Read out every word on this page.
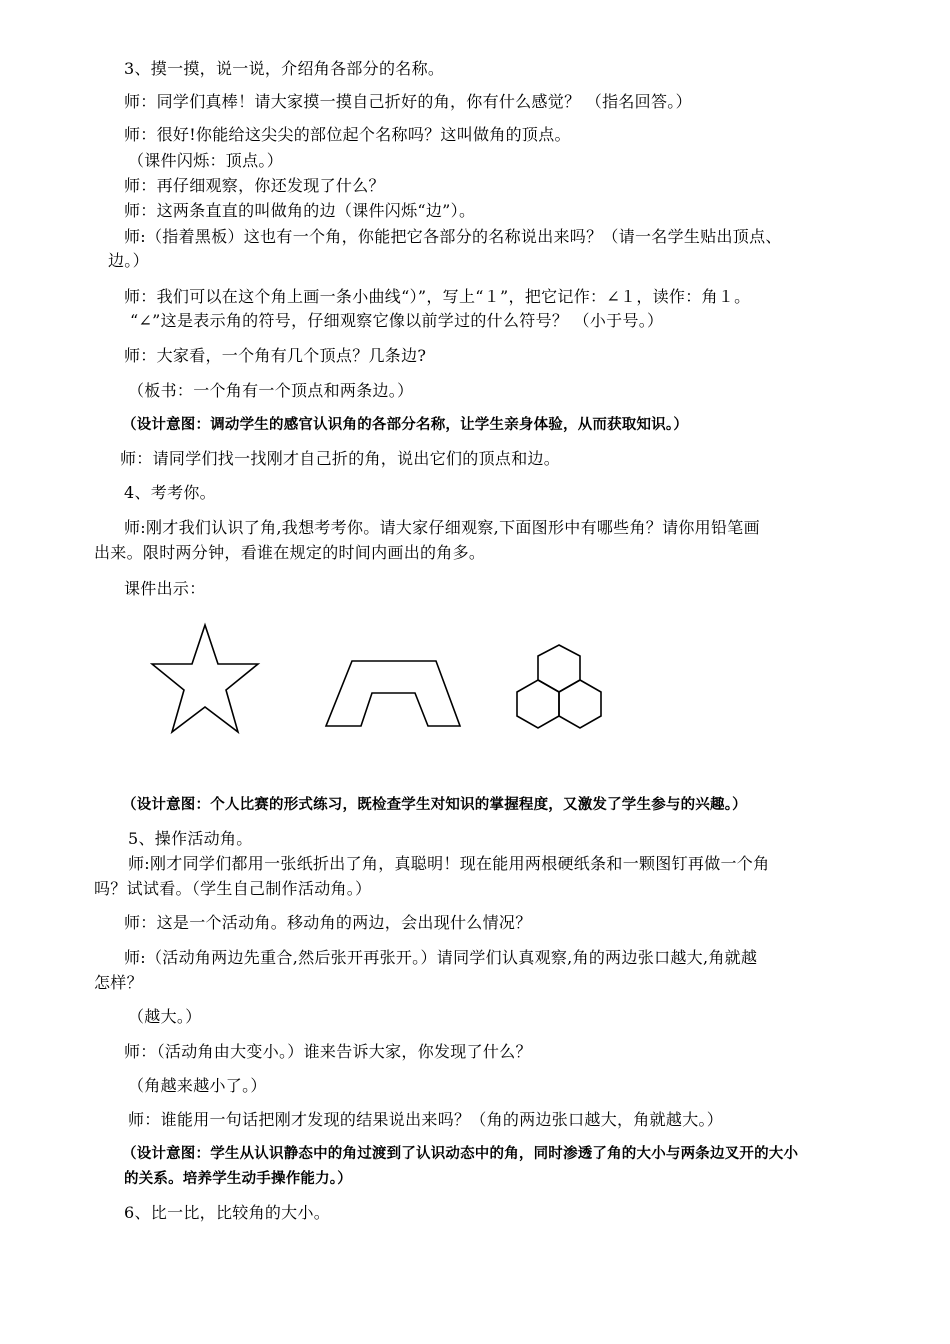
3、摸一摸，说一说，介绍角各部分的名称。
师：同学们真棒！请大家摸一摸自己折好的角，你有什么感觉？ （指名回答。）
师：很好!你能给这尖尖的部位起个名称吗？这叫做角的顶点。
（课件闪烁：顶点。）
师：再仔细观察，你还发现了什么？
师：这两条直直的叫做角的边（课件闪烁“边”）。
师:（指着黑板）这也有一个角，你能把它各部分的名称说出来吗？（请一名学生贴出顶点、
边。）
师：我们可以在这个角上画一条小曲线“）”，写上“１”，把它记作：∠１，读作：角１。
“∠”这是表示角的符号，仔细观察它像以前学过的什么符号？ （小于号。）
师：大家看，一个角有几个顶点？几条边?
（板书：一个角有一个顶点和两条边。）
（设计意图：调动学生的感官认识角的各部分名称，让学生亲身体验，从而获取知识。）
师：请同学们找一找刚才自己折的角，说出它们的顶点和边。
4、考考你。
师:刚才我们认识了角,我想考考你。请大家仔细观察,下面图形中有哪些角？请你用铅笔画
出来。限时两分钟，看谁在规定的时间内画出的角多。
课件出示：
（设计意图：个人比赛的形式练习，既检查学生对知识的掌握程度，又激发了学生参与的兴趣。）
5、操作活动角。
师:刚才同学们都用一张纸折出了角，真聪明！现在能用两根硬纸条和一颗图钉再做一个角
吗？试试看。（学生自己制作活动角。）
师：这是一个活动角。移动角的两边，会出现什么情况？
师:（活动角两边先重合,然后张开再张开。）请同学们认真观察,角的两边张口越大,角就越
怎样？
（越大。）
师：（活动角由大变小。）谁来告诉大家，你发现了什么？
（角越来越小了。）
师：谁能用一句话把刚才发现的结果说出来吗？（角的两边张口越大，角就越大。）
（设计意图：学生从认识静态中的角过渡到了认识动态中的角，同时渗透了角的大小与两条边叉开的大小
的关系。培养学生动手操作能力。）
6、比一比，比较角的大小。
